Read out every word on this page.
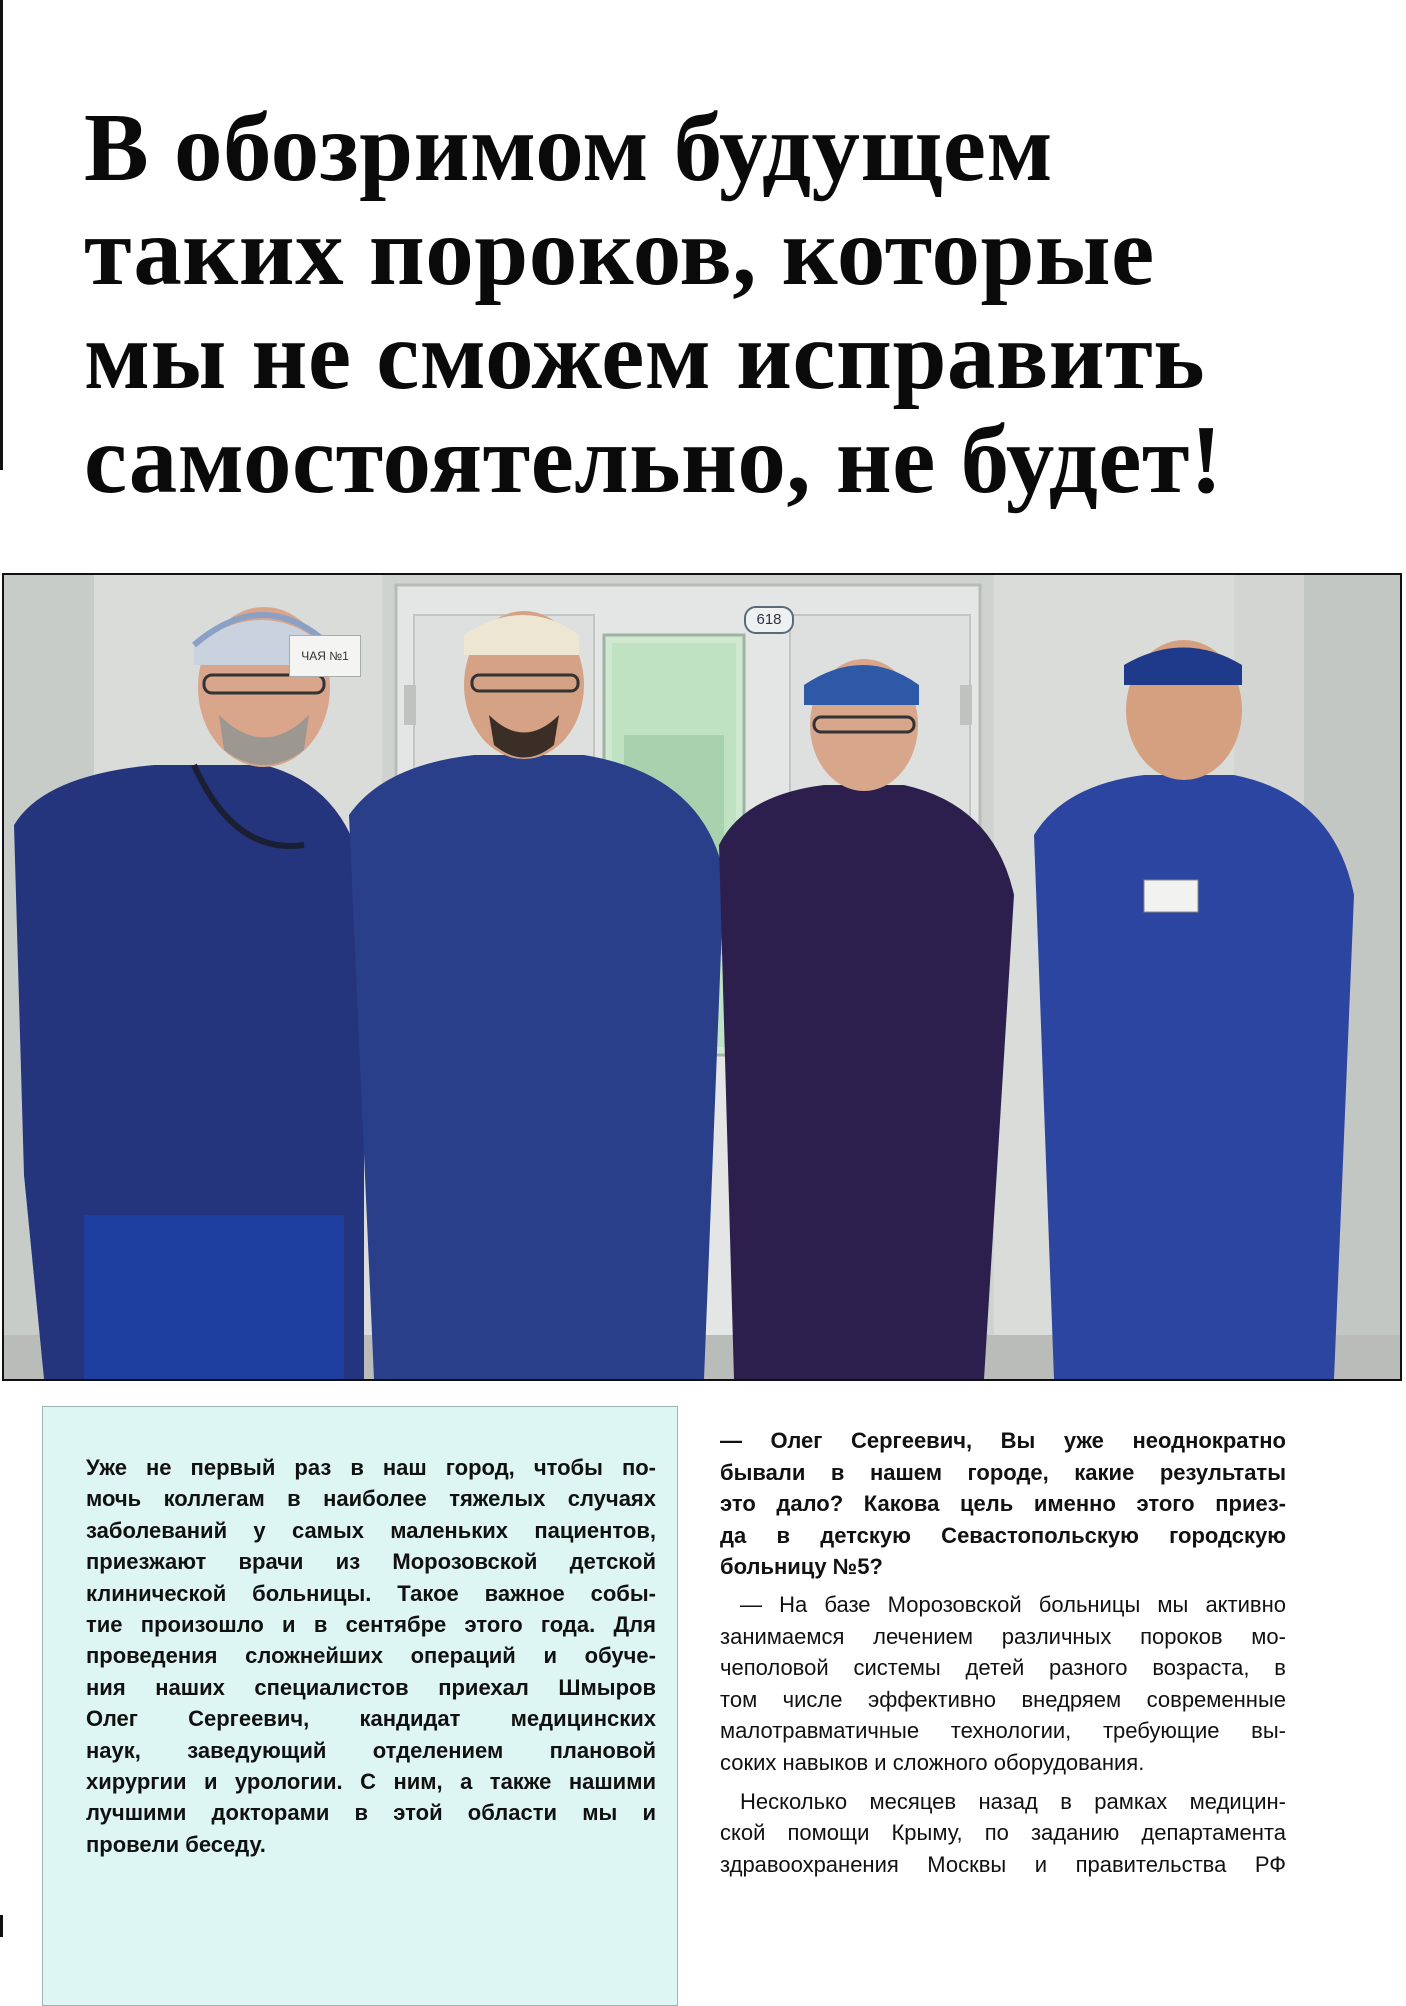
В обозримом будущем
таких пороков, которые
мы не сможем исправить
самостоятельно, не будет!
618
ЧАЯ №1

Уже не первый раз в наш город, чтобы по-
мочь коллегам в наиболее тяжелых случаях
заболеваний у самых маленьких пациентов,
приезжают врачи из Морозовской детской
клинической больницы. Такое важное собы-
тие произошло и в сентябре этого года. Для
проведения сложнейших операций и обуче-
ния наших специалистов приехал Шмыров
Олег Сергеевич, кандидат медицинских
наук, заведующий отделением плановой
хирургии и урологии. С ним, а также нашими
лучшими докторами в этой области мы и
провели беседу.

— Олег Сергеевич, Вы уже неоднократно
бывали в нашем городе, какие результаты
это дало? Какова цель именно этого приез-
да в детскую Севастопольскую городскую
больницу №5?
— На базе Морозовской больницы мы активно
занимаемся лечением различных пороков мо-
чеполовой системы детей разного возраста, в
том числе эффективно внедряем современные
малотравматичные технологии, требующие вы-
соких навыков и сложного оборудования.
Несколько месяцев назад в рамках медицин-
ской помощи Крыму, по заданию департамента
здравоохранения Москвы и правительства РФ
